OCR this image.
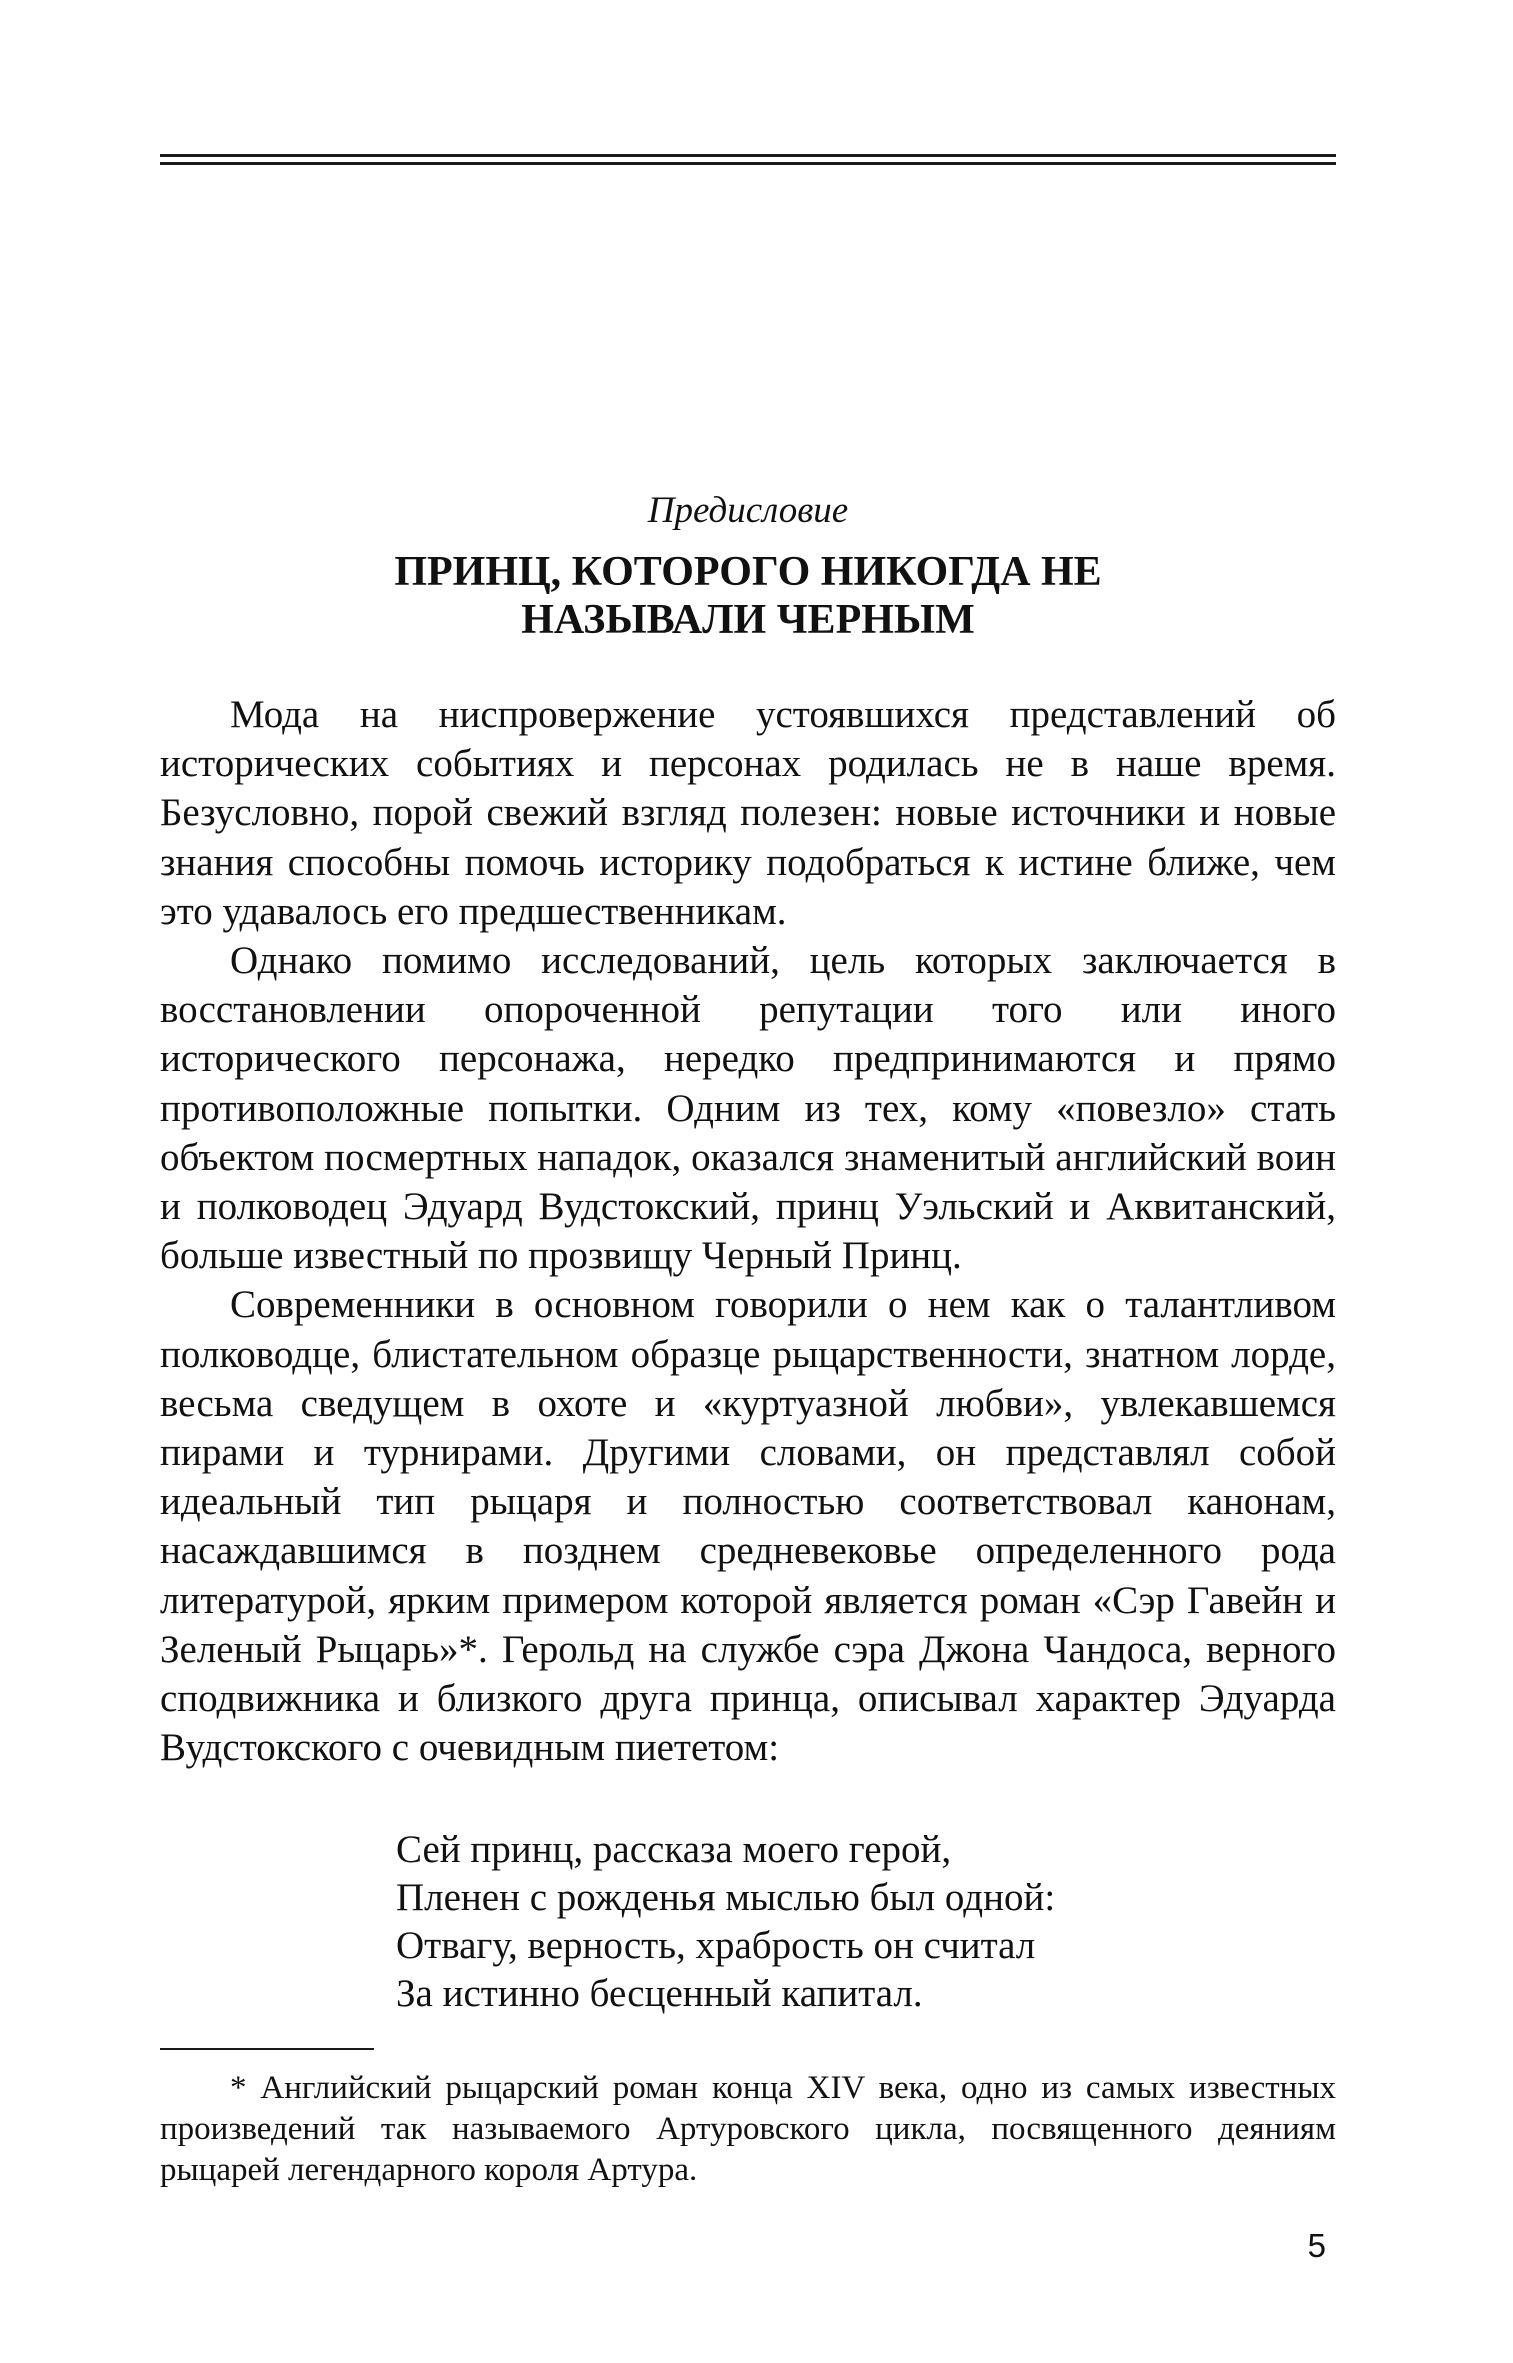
Предисловие
ПРИНЦ, КОТОРОГО НИКОГДА НЕ
НАЗЫВАЛИ ЧЕРНЫМ

Мода на ниспровержение устоявшихся представлений об исторических событиях и персонах родилась не в наше время. Безусловно, порой свежий взгляд полезен: новые источники и новые знания способны помочь историку подобраться к истине ближе, чем это удавалось его предшественникам.

Однако помимо исследований, цель которых заключается в восстановлении опороченной репутации того или иного исторического персонажа, нередко предпринимаются и прямо противоположные попытки. Одним из тех, кому «повезло» стать объектом посмертных нападок, оказался знаменитый английский воин и полководец Эдуард Вудстокский, принц Уэльский и Аквитанский, больше известный по прозвищу Черный Принц.

Современники в основном говорили о нем как о талантливом полководце, блистательном образце рыцарственности, знатном лорде, весьма сведущем в охоте и «куртуазной любви», увлекавшемся пирами и турнирами. Другими словами, он представлял собой идеальный тип рыцаря и полностью соответствовал канонам, насаждавшимся в позднем средневековье определенного рода литературой, ярким примером которой является роман «Сэр Гавейн и Зеленый Рыцарь»*. Герольд на службе сэра Джона Чандоса, верного сподвижника и близкого друга принца, описывал характер Эдуарда Вудстокского с очевидным пиететом:

Сей принц, рассказа моего герой,
Пленен с рожденья мыслью был одной:
Отвагу, верность, храбрость он считал
За истинно бесценный капитал.
* Английский рыцарский роман конца XIV века, одно из самых известных произведений так называемого Артуровского цикла, посвященного деяниям рыцарей легендарного короля Артура.
5
